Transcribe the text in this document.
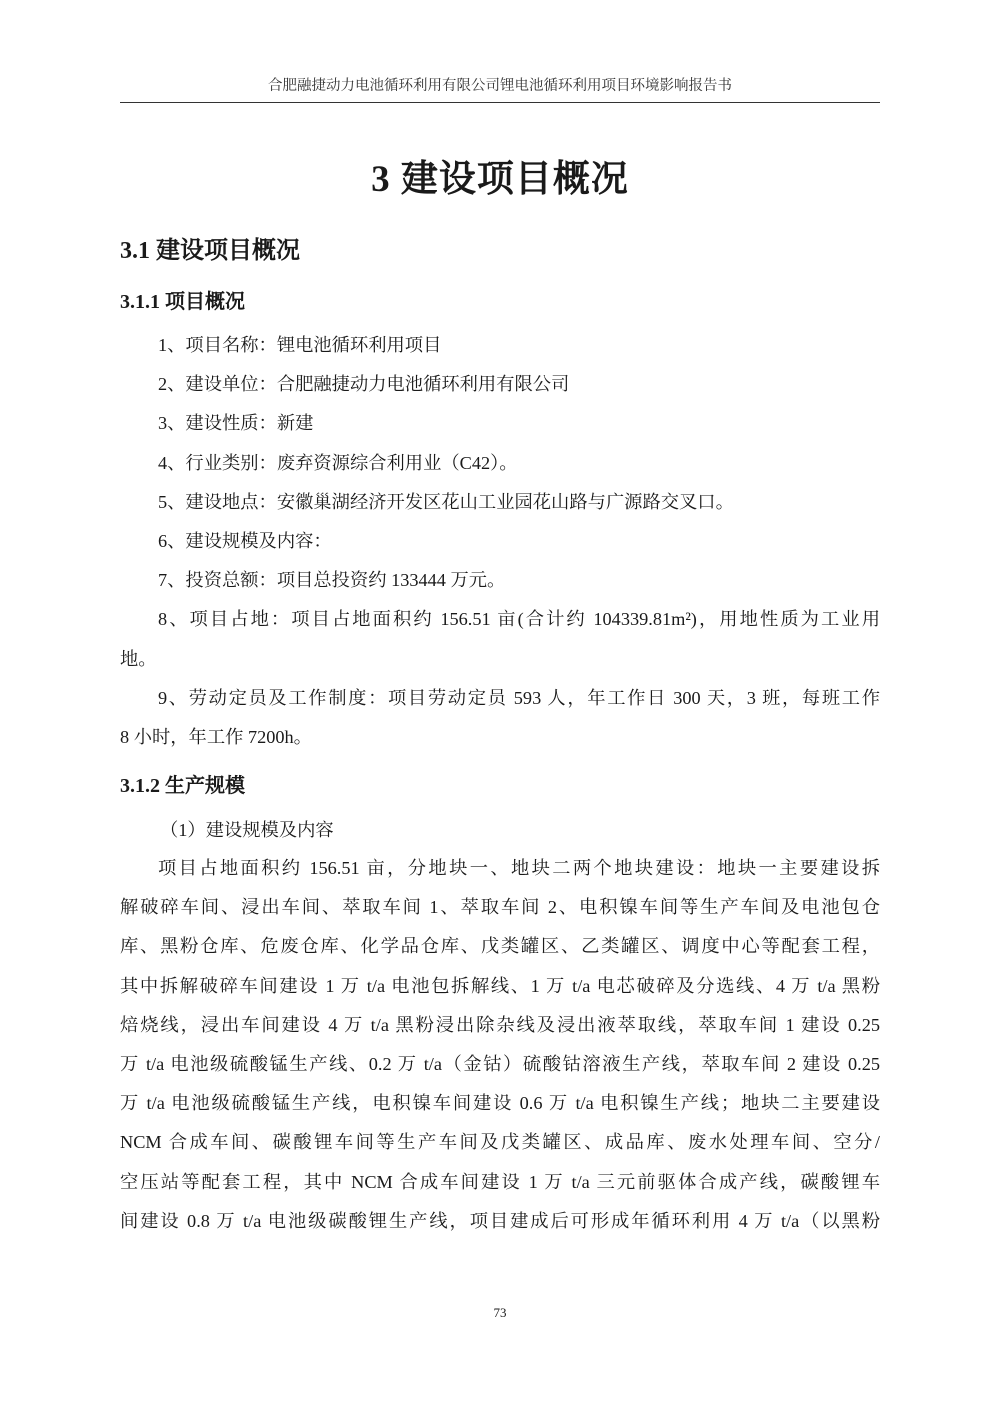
合肥融捷动力电池循环利用有限公司锂电池循环利用项目环境影响报告书
3 建设项目概况
3.1 建设项目概况
3.1.1 项目概况
1、项目名称：锂电池循环利用项目
2、建设单位：合肥融捷动力电池循环利用有限公司
3、建设性质：新建
4、行业类别：废弃资源综合利用业（C42）。
5、建设地点：安徽巢湖经济开发区花山工业园花山路与广源路交叉口。
6、建设规模及内容：
7、投资总额：项目总投资约 133444 万元。
8、项目占地：项目占地面积约 156.51 亩(合计约 104339.81m²)，用地性质为工业用
地。
9、劳动定员及工作制度：项目劳动定员 593 人，年工作日 300 天，3 班，每班工作
8 小时，年工作 7200h。
3.1.2 生产规模
（1）建设规模及内容
项目占地面积约 156.51 亩，分地块一、地块二两个地块建设：地块一主要建设拆
解破碎车间、浸出车间、萃取车间 1、萃取车间 2、电积镍车间等生产车间及电池包仓
库、黑粉仓库、危废仓库、化学品仓库、戊类罐区、乙类罐区、调度中心等配套工程，
其中拆解破碎车间建设 1 万 t/a 电池包拆解线、1 万 t/a 电芯破碎及分选线、4 万 t/a 黑粉
焙烧线，浸出车间建设 4 万 t/a 黑粉浸出除杂线及浸出液萃取线，萃取车间 1 建设 0.25
万 t/a 电池级硫酸锰生产线、0.2 万 t/a（金钴）硫酸钴溶液生产线，萃取车间 2 建设 0.25
万 t/a 电池级硫酸锰生产线，电积镍车间建设 0.6 万 t/a 电积镍生产线；地块二主要建设
NCM 合成车间、碳酸锂车间等生产车间及戊类罐区、成品库、废水处理车间、空分/
空压站等配套工程，其中 NCM 合成车间建设 1 万 t/a 三元前驱体合成产线，碳酸锂车
间建设 0.8 万 t/a 电池级碳酸锂生产线，项目建成后可形成年循环利用 4 万 t/a（以黑粉
73
